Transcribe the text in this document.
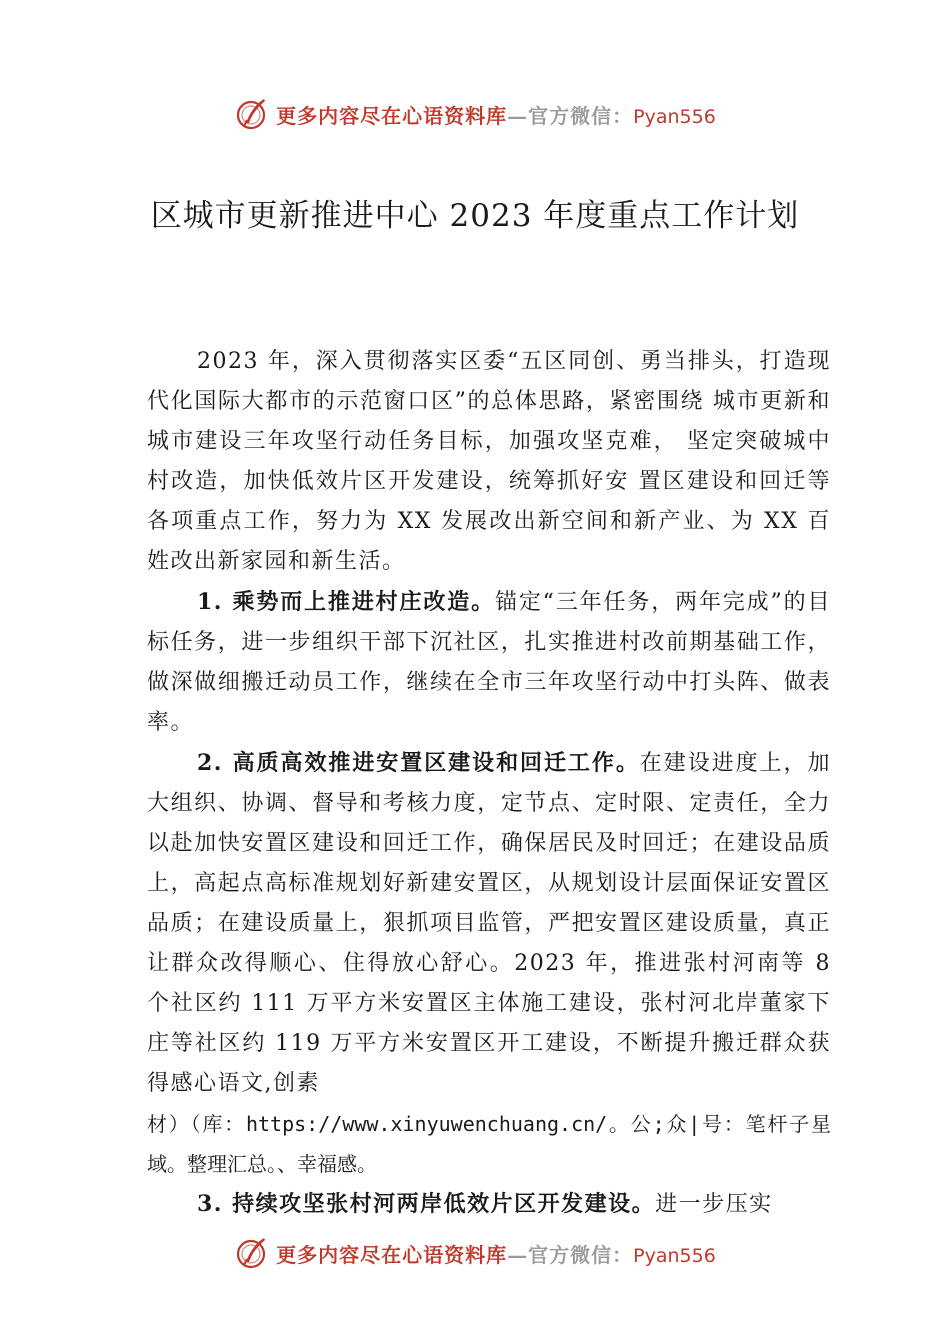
更多内容尽在心语资料库—官方微信：Pyan556
区城市更新推进中心 2023 年度重点工作计划

2023 年，深入贯彻落实区委“五区同创、勇当排头，打造现代化国际大都市的示范窗口区”的总体思路，紧密围绕 城市更新和城市建设三年攻坚行动任务目标，加强攻坚克难， 坚定突破城中村改造，加快低效片区开发建设，统筹抓好安 置区建设和回迁等各项重点工作，努力为 XX 发展改出新空间和新产业、为 XX 百姓改出新家园和新生活。

1. 乘势而上推进村庄改造。锚定“三年任务，两年完成”的目标任务，进一步组织干部下沉社区，扎实推进村改前期基础工作，做深做细搬迁动员工作，继续在全市三年攻坚行动中打头阵、做表率。

2. 高质高效推进安置区建设和回迁工作。在建设进度上，加大组织、协调、督导和考核力度，定节点、定时限、定责任，全力以赴加快安置区建设和回迁工作，确保居民及时回迁；在建设品质上，高起点高标准规划好新建安置区，从规划设计层面保证安置区品质；在建设质量上，狠抓项目监管，严把安置区建设质量，真正让群众改得顺心、住得放心舒心。2023 年，推进张村河南等 8 个社区约 111 万平方米安置区主体施工建设，张村河北岸董家下庄等社区约 119 万平方米安置区开工建设，不断提升搬迁群众获得感心语文,创素

材）（库：https://www.xinyuwenchuang.cn/。公;众|号：笔杆子星域。整理汇总。、幸福感。

3. 持续攻坚张村河两岸低效片区开发建设。进一步压实

更多内容尽在心语资料库—官方微信：Pyan556
